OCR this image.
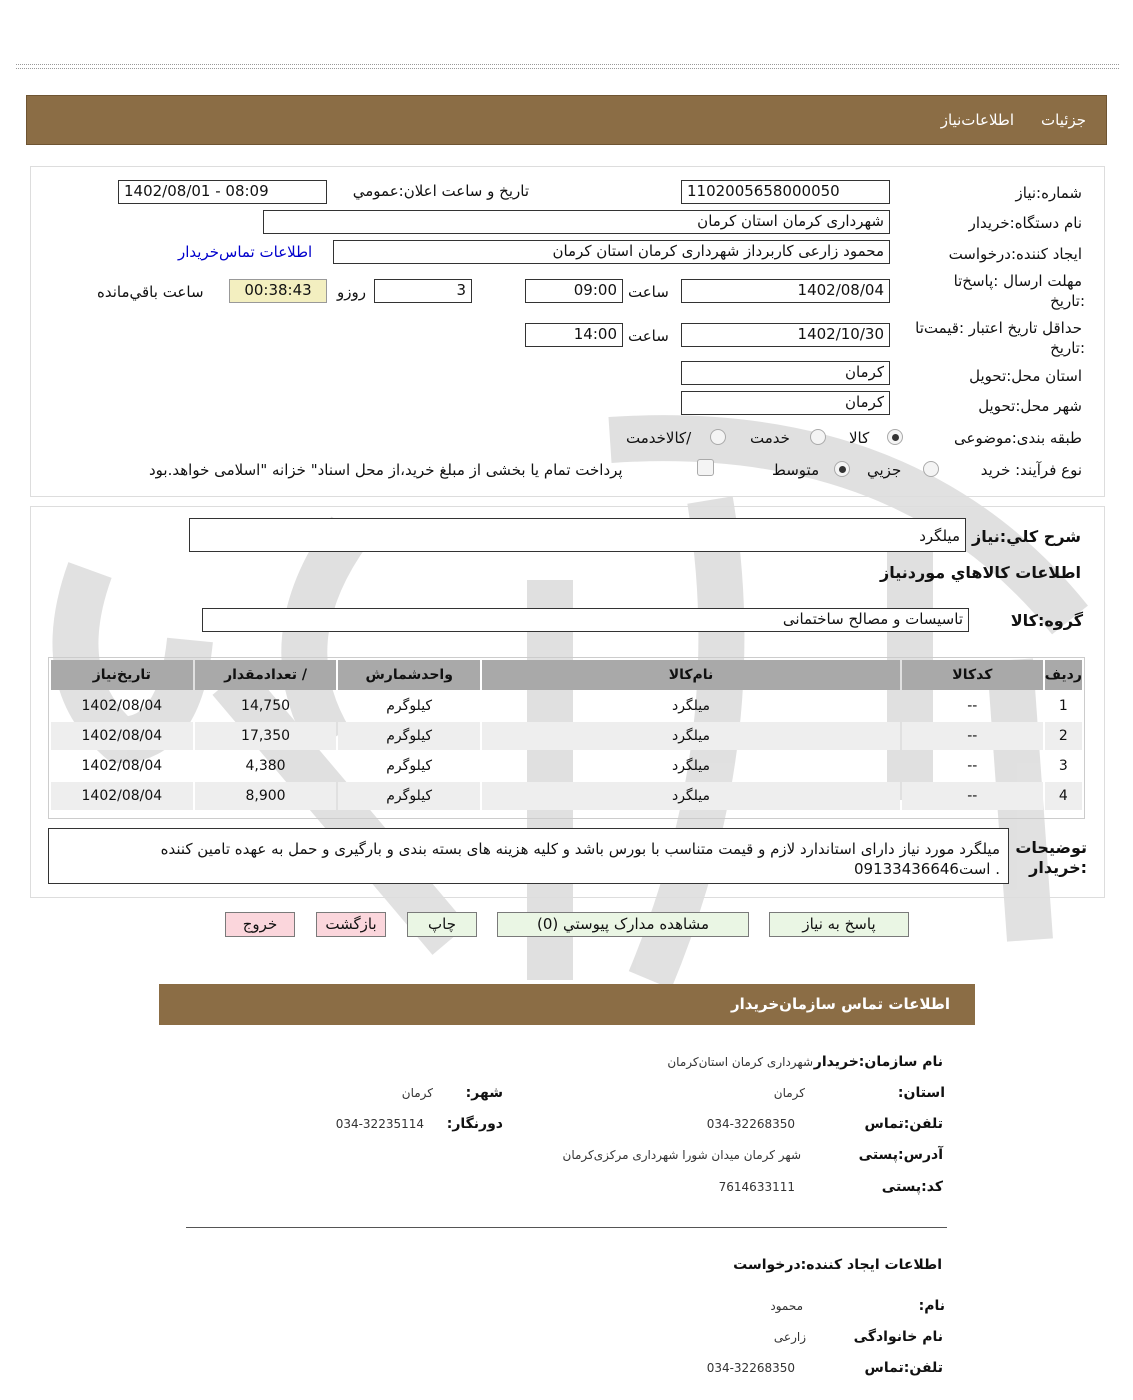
جزئیات
اطلاعات‌نیاز
شماره:نیاز
1102005658000050
تاریخ و ساعت اعلان:عمومي
1402/08/01 - 08:09
نام دستگاه:خریدار
شهرداری کرمان استان کرمان
ایجاد کننده:درخواست
محمود زارعی کاربرداز شهرداری کرمان استان کرمان
اطلاعات تماس‌خریدار
مهلت ارسال :پاسخ‌تا
:تاریخ
1402/08/04
ساعت
09:00
3
روزو
00:38:43
ساعت باقي‌مانده
حداقل تاریخ اعتبار :قیمت‌تا
:تاریخ
1402/10/30
ساعت
14:00
استان محل:تحویل
کرمان
شهر محل:تحویل
کرمان
طبقه بندی:موضوعی
کالا
خدمت
/کالاخدمت
نوع فرآیند: خرید
جزیي
متوسط
پرداخت تمام یا بخشی از مبلغ خرید،از محل اسناد" خزانه "اسلامی خواهد.بود
شرح کلي:نیاز
میلگرد
اطلاعات کالاهاي موردنیاز
گروه:کالا
تاسیسات و مصالح ساختمانی
ردیف	کدکالا	نام‌کالا	واحدشمارش	/ تعدادمقدار	تاریخ‌نیاز
1	--	میلگرد	کیلوگرم	14,750	1402/08/04
2	--	میلگرد	کیلوگرم	17,350	1402/08/04
3	--	میلگرد	کیلوگرم	4,380	1402/08/04
4	--	میلگرد	کیلوگرم	8,900	1402/08/04
توضیحات
:خریدار
میلگرد مورد نیاز دارای استاندارد لازم و قیمت متناسب با بورس باشد و کلیه هزینه های بسته بندی و بارگیری و حمل به عهده تامین کننده
. است09133436646
پاسخ به نیاز
مشاهده مدارک پیوستي (0)
چاپ
بازگشت
خروج
اطلاعات تماس سازمان‌خریدار
نام سازمان:خریدار
شهرداری کرمان استان‌کرمان
استان:
کرمان
شهر:
کرمان
تلفن:تماس
034-32268350
دورنگار:
034-32235114
آدرس:پستی
شهر کرمان میدان شورا شهرداری مرکزی‌کرمان
کد:پستی
7614633111
اطلاعات ایجاد کننده:درخواست
نام:
محمود
نام خانوادگی
زارعی
تلفن:تماس
034-32268350
